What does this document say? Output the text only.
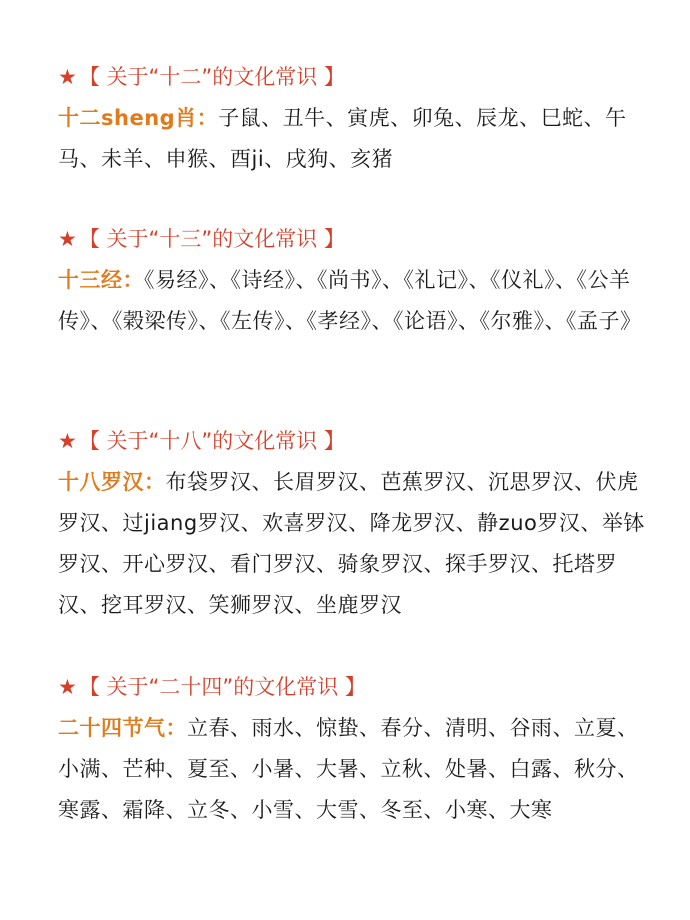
★【 关于“十二”的文化常识 】
十二sheng肖：子鼠、丑牛、寅虎、卯兔、辰龙、巳蛇、午马、未羊、申猴、酉ji、戌狗、亥猪
★【 关于“十三”的文化常识 】
十三经：《易经》、《诗经》、《尚书》、《礼记》、《仪礼》、《公羊传》、《榖梁传》、《左传》、《孝经》、《论语》、《尔雅》、《孟子》
★【 关于“十八”的文化常识 】
十八罗汉：布袋罗汉、长眉罗汉、芭蕉罗汉、沉思罗汉、伏虎罗汉、过jiang罗汉、欢喜罗汉、降龙罗汉、静zuo罗汉、举钵罗汉、开心罗汉、看门罗汉、骑象罗汉、探手罗汉、托塔罗汉、挖耳罗汉、笑狮罗汉、坐鹿罗汉
★【 关于“二十四”的文化常识 】
二十四节气：立春、雨水、惊蛰、春分、清明、谷雨、立夏、小满、芒种、夏至、小暑、大暑、立秋、处暑、白露、秋分、寒露、霜降、立冬、小雪、大雪、冬至、小寒、大寒
